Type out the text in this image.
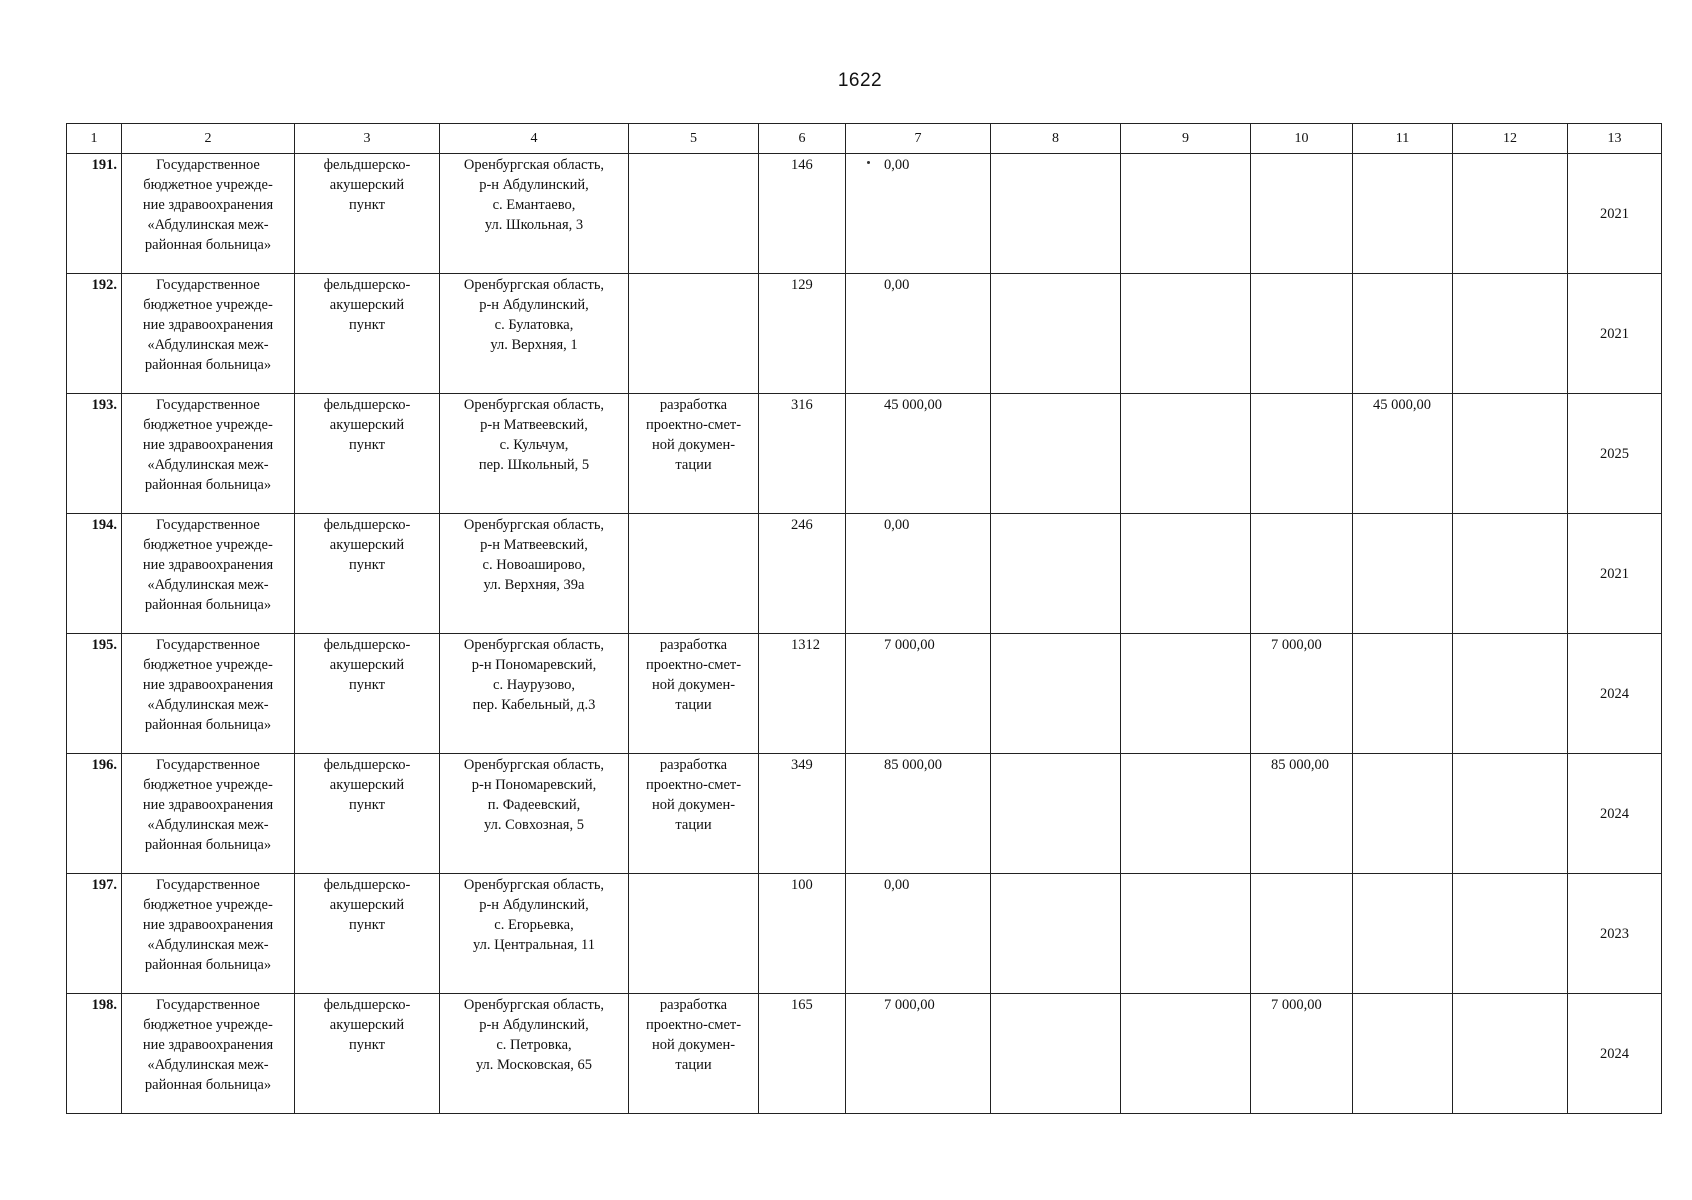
1622
1	2	3	4	5	6	7	8	9	10	11	12	13
191.	Государственное
бюджетное учрежде-
ние здравоохранения
«Абдулинская меж-
районная больница»	фельдшерско-
акушерский
пункт	Оренбургская область,
р-н Абдулинский,
с. Емантаево,
ул. Школьная, 3		146	0,00						2021
192.	Государственное
бюджетное учрежде-
ние здравоохранения
«Абдулинская меж-
районная больница»	фельдшерско-
акушерский
пункт	Оренбургская область,
р-н Абдулинский,
с. Булатовка,
ул. Верхняя, 1		129	0,00						2021
193.	Государственное
бюджетное учрежде-
ние здравоохранения
«Абдулинская меж-
районная больница»	фельдшерско-
акушерский
пункт	Оренбургская область,
р-н Матвеевский,
с. Кульчум,
пер. Школьный, 5	разработка
проектно-смет-
ной докумен-
тации	316	45 000,00				45 000,00		2025
194.	Государственное
бюджетное учрежде-
ние здравоохранения
«Абдулинская меж-
районная больница»	фельдшерско-
акушерский
пункт	Оренбургская область,
р-н Матвеевский,
с. Новоаширово,
ул. Верхняя, 39а		246	0,00						2021
195.	Государственное
бюджетное учрежде-
ние здравоохранения
«Абдулинская меж-
районная больница»	фельдшерско-
акушерский
пункт	Оренбургская область,
р-н Пономаревский,
с. Наурузово,
пер. Кабельный, д.3	разработка
проектно-смет-
ной докумен-
тации	1312	7 000,00			7 000,00			2024
196.	Государственное
бюджетное учрежде-
ние здравоохранения
«Абдулинская меж-
районная больница»	фельдшерско-
акушерский
пункт	Оренбургская область,
р-н Пономаревский,
п. Фадеевский,
ул. Совхозная, 5	разработка
проектно-смет-
ной докумен-
тации	349	85 000,00			85 000,00			2024
197.	Государственное
бюджетное учрежде-
ние здравоохранения
«Абдулинская меж-
районная больница»	фельдшерско-
акушерский
пункт	Оренбургская область,
р-н Абдулинский,
с. Егорьевка,
ул. Центральная, 11		100	0,00						2023
198.	Государственное
бюджетное учрежде-
ние здравоохранения
«Абдулинская меж-
районная больница»	фельдшерско-
акушерский
пункт	Оренбургская область,
р-н Абдулинский,
с. Петровка,
ул. Московская, 65	разработка
проектно-смет-
ной докумен-
тации	165	7 000,00			7 000,00			2024
